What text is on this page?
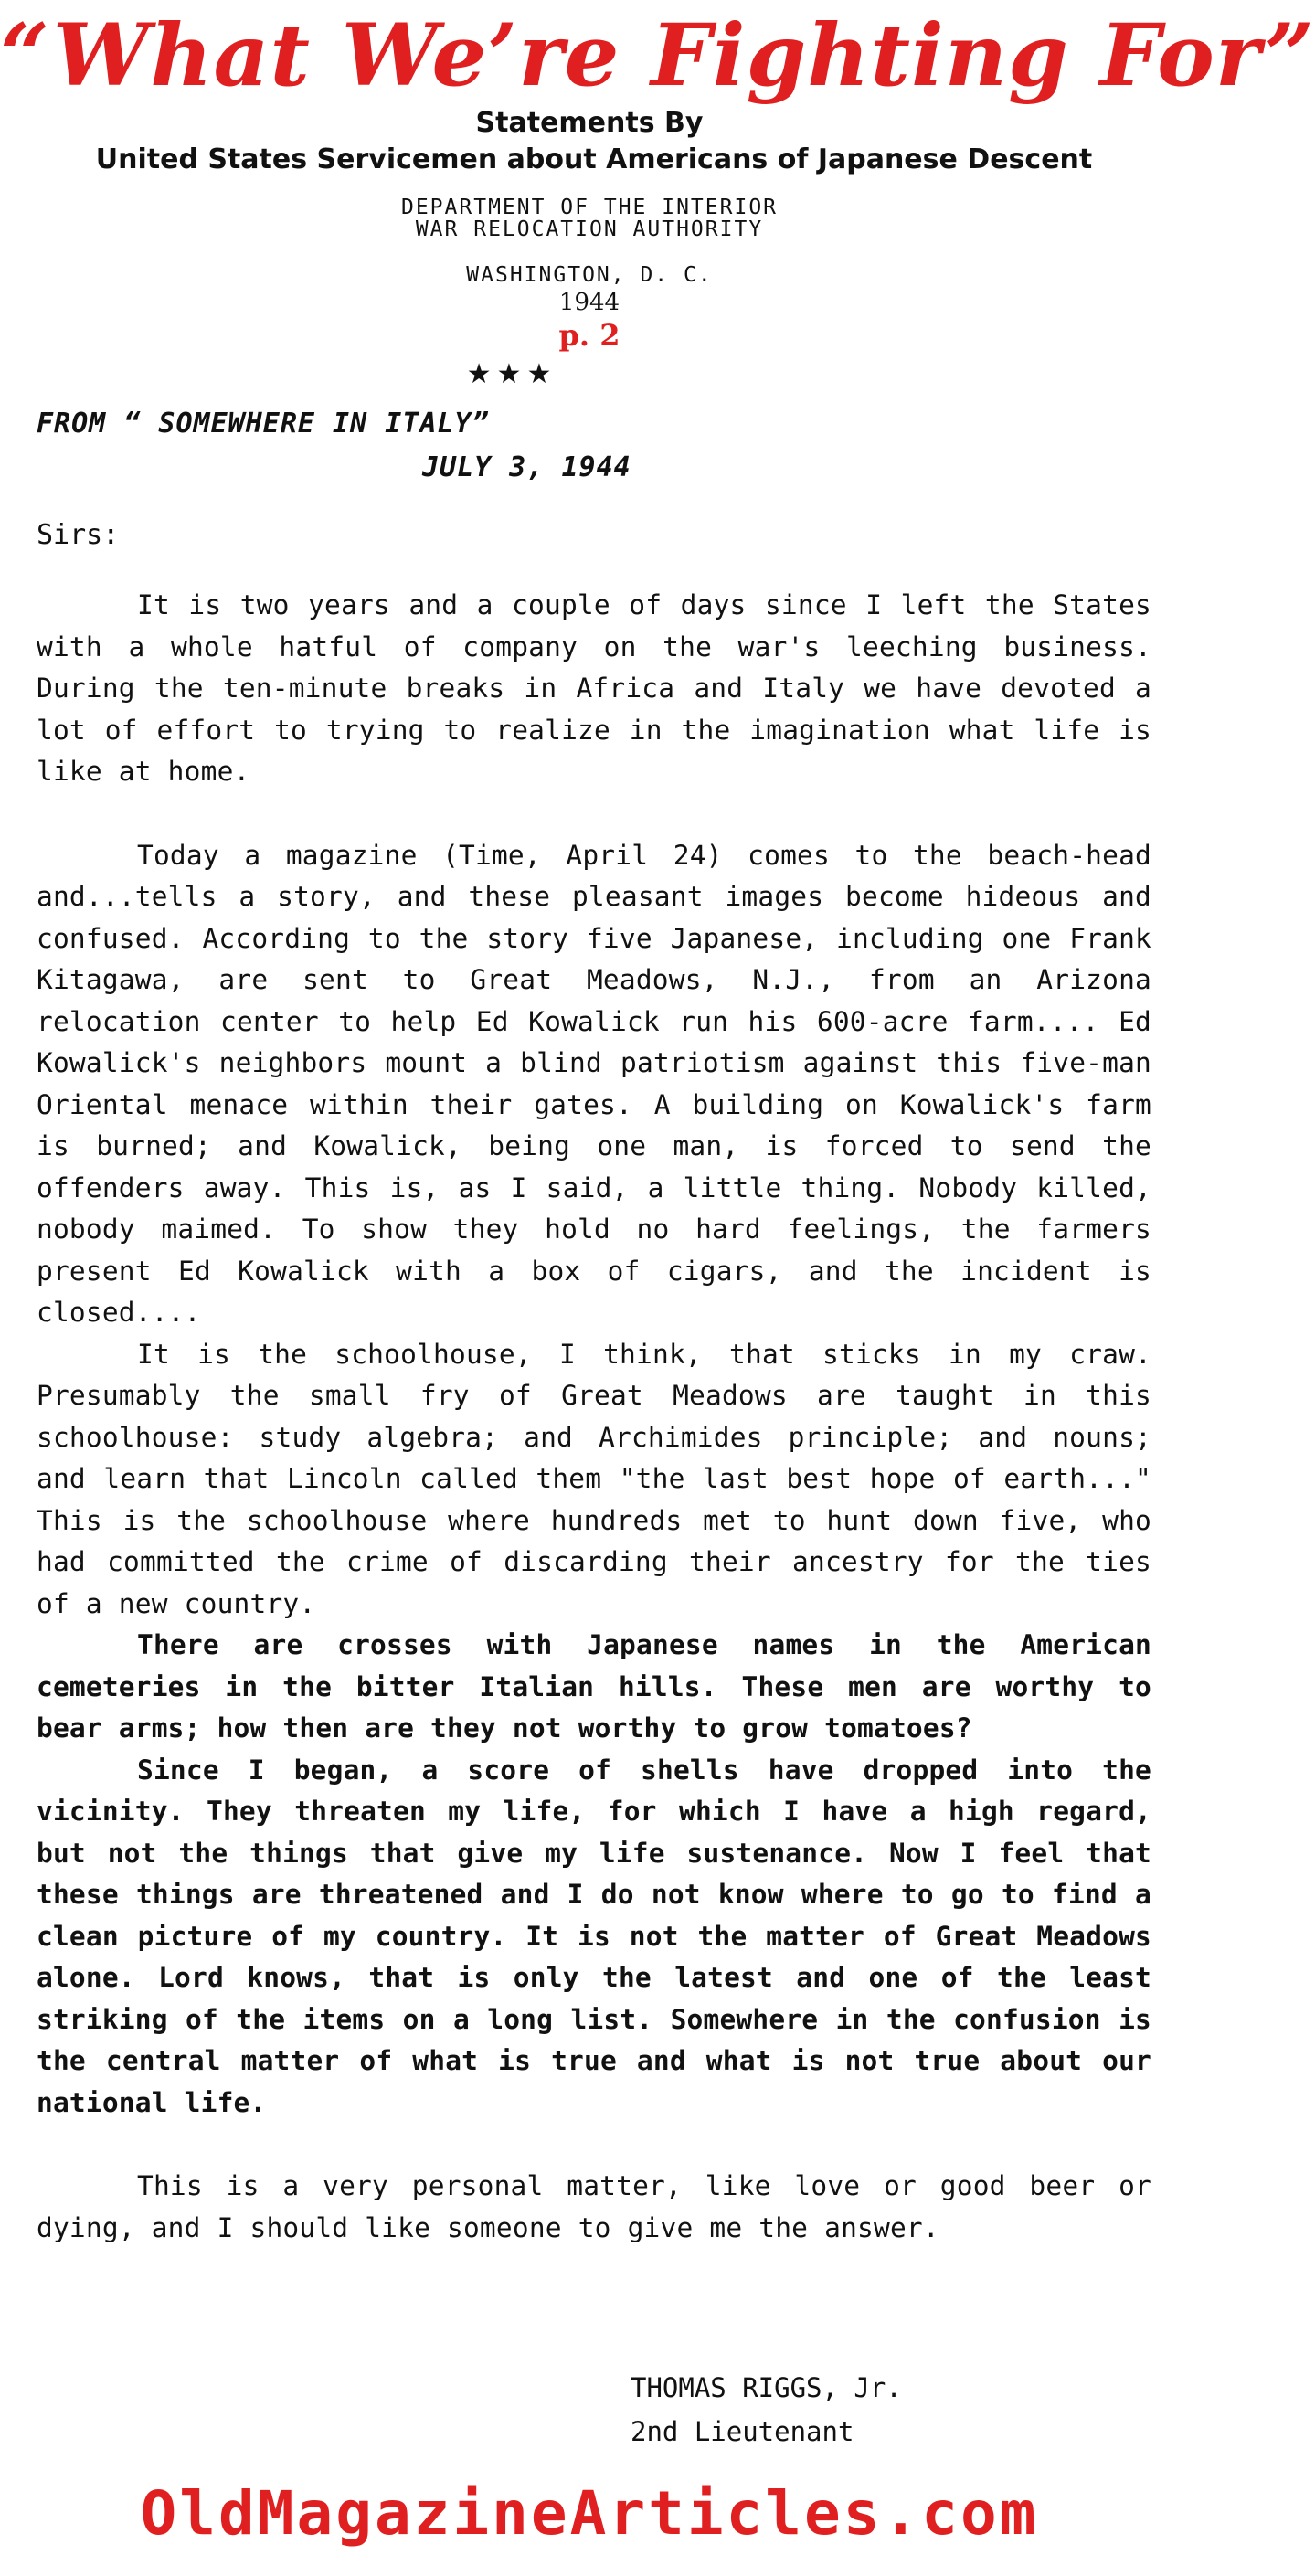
“What We’re Fighting For”
Statements By
United States Servicemen about Americans of Japanese Descent
DEPARTMENT OF THE INTERIOR
WAR RELOCATION AUTHORITY
WASHINGTON, D. C.
1944
p. 2
★★★
FROM “ SOMEWHERE IN ITALY”
JULY 3, 1944
Sirs:

It is two years and a couple of days since I left the States with a whole hatful of company on the war's leeching business. During the ten-minute breaks in Africa and Italy we have devoted a lot of effort to trying to realize in the imagination what life is like at home.

Today a magazine (Time, April 24) comes to the beach-head and...tells a story, and these pleasant images become hideous and confused. According to the story five Japanese, including one Frank Kitagawa, are sent to Great Meadows, N.J., from an Arizona relocation center to help Ed Kowalick run his 600-acre farm.... Ed Kowalick's neighbors mount a blind patriotism against this five-man Oriental menace within their gates. A building on Kowalick's farm is burned; and Kowalick, being one man, is forced to send the offenders away. This is, as I said, a little thing. Nobody killed, nobody maimed. To show they hold no hard feelings, the farmers present Ed Kowalick with a box of cigars, and the incident is closed....

It is the schoolhouse, I think, that sticks in my craw. Presumably the small fry of Great Meadows are taught in this schoolhouse: study algebra; and Archimides principle; and nouns; and learn that Lincoln called them "the last best hope of earth..." This is the schoolhouse where hundreds met to hunt down five, who had committed the crime of discarding their ancestry for the ties of a new country.

There are crosses with Japanese names in the American cemeteries in the bitter Italian hills. These men are worthy to bear arms; how then are they not worthy to grow tomatoes?

Since I began, a score of shells have dropped into the vicinity. They threaten my life, for which I have a high regard, but not the things that give my life sustenance. Now I feel that these things are threatened and I do not know where to go to find a clean picture of my country. It is not the matter of Great Meadows alone. Lord knows, that is only the latest and one of the least striking of the items on a long list. Somewhere in the confusion is the central matter of what is true and what is not true about our national life.

This is a very personal matter, like love or good beer or dying, and I should like someone to give me the answer.

THOMAS RIGGS, Jr.
2nd Lieutenant
OldMagazineArticles.com
